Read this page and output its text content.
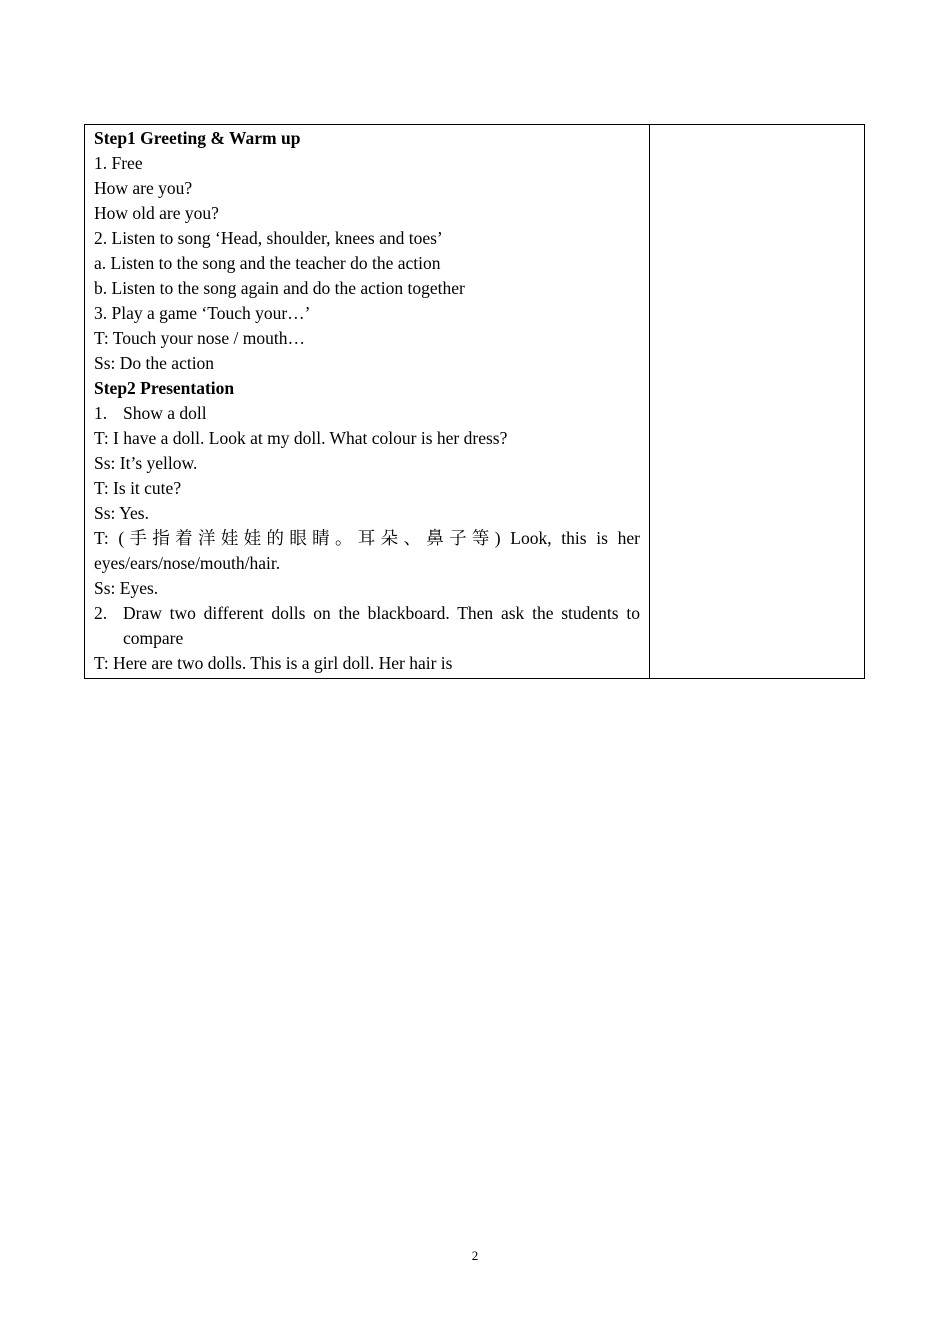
Step1 Greeting & Warm up
1. Free
How are you?
How old are you?
2. Listen to song ‘Head, shoulder, knees and toes’
a. Listen to the song and the teacher do the action
b. Listen to the song again and do the action together
3. Play a game ‘Touch your…’
T: Touch your nose / mouth…
Ss: Do the action
Step2 Presentation
1. Show a doll
T: I have a doll. Look at my doll. What colour is her dress?
Ss: It’s yellow.
T: Is it cute?
Ss: Yes.
T: (手指着洋娃娃的眼睛。耳朵、鼻子等) Look, this is her eyes/ears/nose/mouth/hair.
Ss: Eyes.
2. Draw two different dolls on the blackboard. Then ask the students to compare
T: Here are two dolls. This is a girl doll. Her hair is

2
